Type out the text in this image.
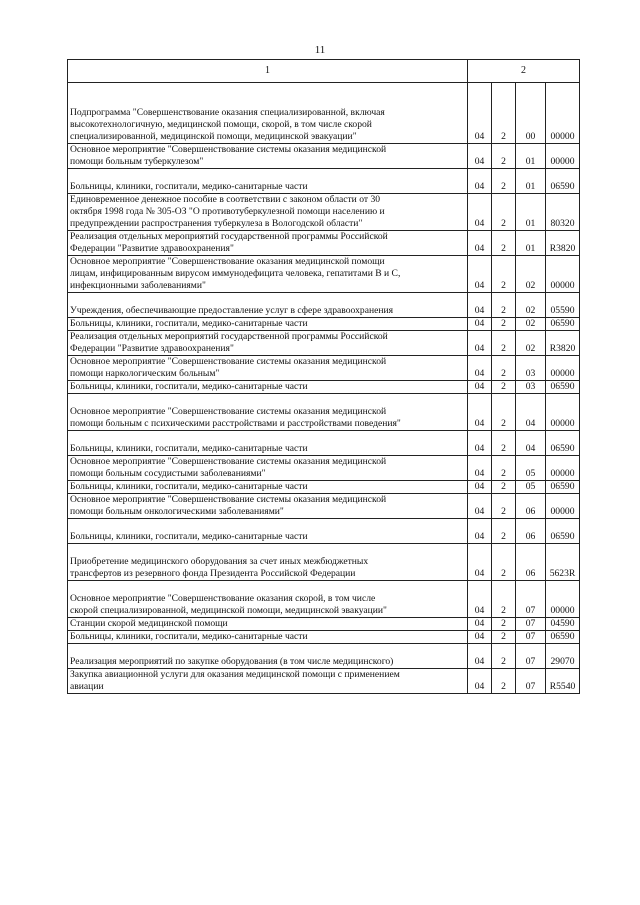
11
1	2			

Подпрограмма "Совершенствование оказания специализированной, включая
высокотехнологичную, медицинской помощи, скорой, в том числе скорой
специализированной, медицинской помощи, медицинской эвакуации"	04	2	00	00000

Основное мероприятие "Совершенствование системы оказания медицинской
помощи больным туберкулезом"	04	2	01	00000

Больницы, клиники, госпитали, медико-санитарные части	04	2	01	06590

Единовременное денежное пособие в соответствии с законом области от 30
октября 1998 года № 305-ОЗ "О противотуберкулезной помощи населению и
предупреждении распространения туберкулеза в Вологодской области"	04	2	01	80320

Реализация отдельных мероприятий государственной программы Российской
Федерации "Развитие здравоохранения"	04	2	01	R3820

Основное мероприятие "Совершенствование оказания медицинской помощи
лицам, инфицированным вирусом иммунодефицита человека, гепатитами В и С,
инфекционными заболеваниями"	04	2	02	00000

Учреждения, обеспечивающие предоставление услуг в сфере здравоохранения	04	2	02	05590

Больницы, клиники, госпитали, медико-санитарные части	04	2	02	06590

Реализация отдельных мероприятий государственной программы Российской
Федерации "Развитие здравоохранения"	04	2	02	R3820

Основное мероприятие "Совершенствование системы оказания медицинской
помощи наркологическим больным"	04	2	03	00000

Больницы, клиники, госпитали, медико-санитарные части	04	2	03	06590

Основное мероприятие "Совершенствование системы оказания медицинской
помощи больным с психическими расстройствами и расстройствами поведения"	04	2	04	00000

Больницы, клиники, госпитали, медико-санитарные части	04	2	04	06590

Основное мероприятие "Совершенствование системы оказания медицинской
помощи больным сосудистыми заболеваниями"	04	2	05	00000

Больницы, клиники, госпитали, медико-санитарные части	04	2	05	06590

Основное мероприятие "Совершенствование системы оказания медицинской
помощи больным онкологическими заболеваниями"	04	2	06	00000

Больницы, клиники, госпитали, медико-санитарные части	04	2	06	06590

Приобретение медицинского оборудования за счет иных межбюджетных
трансфертов из резервного фонда Президента Российской Федерации	04	2	06	5623R

Основное мероприятие "Совершенствование оказания скорой, в том числе
скорой специализированной, медицинской помощи, медицинской эвакуации"	04	2	07	00000

Станции скорой медицинской помощи	04	2	07	04590

Больницы, клиники, госпитали, медико-санитарные части	04	2	07	06590

Реализация мероприятий по закупке оборудования (в том числе медицинского)	04	2	07	29070

Закупка авиационной услуги для оказания медицинской помощи с применением
авиации	04	2	07	R5540
